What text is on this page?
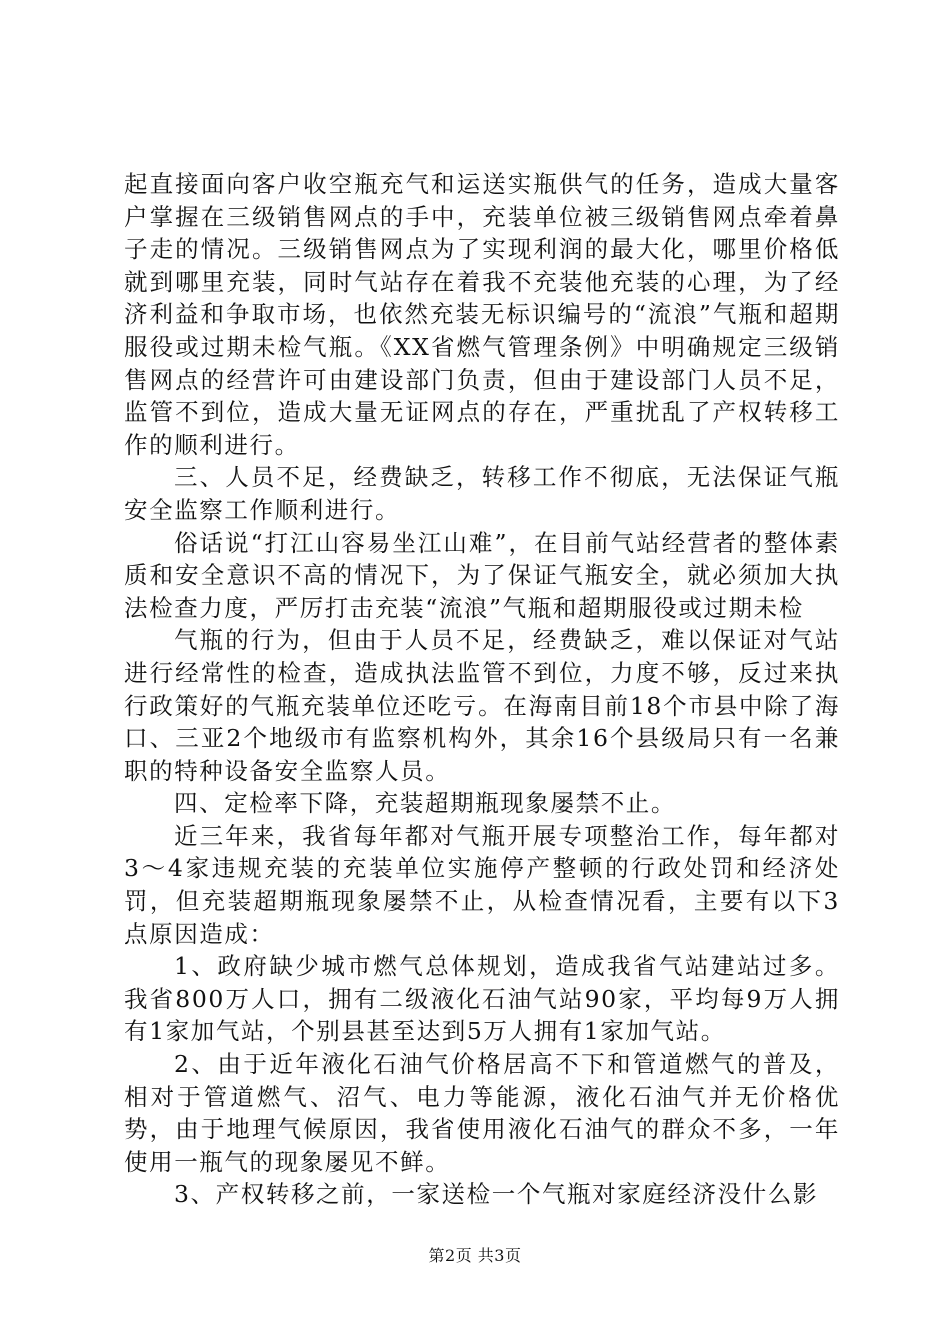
起直接面向客户收空瓶充气和运送实瓶供气的任务，造成大量客户掌握在三级销售网点的手中，充装单位被三级销售网点牵着鼻子走的情况。三级销售网点为了实现利润的最大化，哪里价格低就到哪里充装，同时气站存在着我不充装他充装的心理，为了经济利益和争取市场，也依然充装无标识编号的“流浪”气瓶和超期服役或过期未检气瓶。《XX省燃气管理条例》中明确规定三级销售网点的经营许可由建设部门负责，但由于建设部门人员不足，监管不到位，造成大量无证网点的存在，严重扰乱了产权转移工作的顺利进行。

三、人员不足，经费缺乏，转移工作不彻底，无法保证气瓶安全监察工作顺利进行。

俗话说“打江山容易坐江山难”，在目前气站经营者的整体素质和安全意识不高的情况下，为了保证气瓶安全，就必须加大执法检查力度，严厉打击充装“流浪”气瓶和超期服役或过期未检

气瓶的行为，但由于人员不足，经费缺乏，难以保证对气站进行经常性的检查，造成执法监管不到位，力度不够，反过来执行政策好的气瓶充装单位还吃亏。在海南目前18个市县中除了海口、三亚2个地级市有监察机构外，其余16个县级局只有一名兼职的特种设备安全监察人员。

四、定检率下降，充装超期瓶现象屡禁不止。

近三年来，我省每年都对气瓶开展专项整治工作，每年都对3～4家违规充装的充装单位实施停产整顿的行政处罚和经济处罚，但充装超期瓶现象屡禁不止，从检查情况看，主要有以下3点原因造成：

1、政府缺少城市燃气总体规划，造成我省气站建站过多。我省800万人口，拥有二级液化石油气站90家，平均每9万人拥有1家加气站，个别县甚至达到5万人拥有1家加气站。

2、由于近年液化石油气价格居高不下和管道燃气的普及，相对于管道燃气、沼气、电力等能源，液化石油气并无价格优势，由于地理气候原因，我省使用液化石油气的群众不多，一年使用一瓶气的现象屡见不鲜。

3、产权转移之前，一家送检一个气瓶对家庭经济没什么影

第2页 共3页
